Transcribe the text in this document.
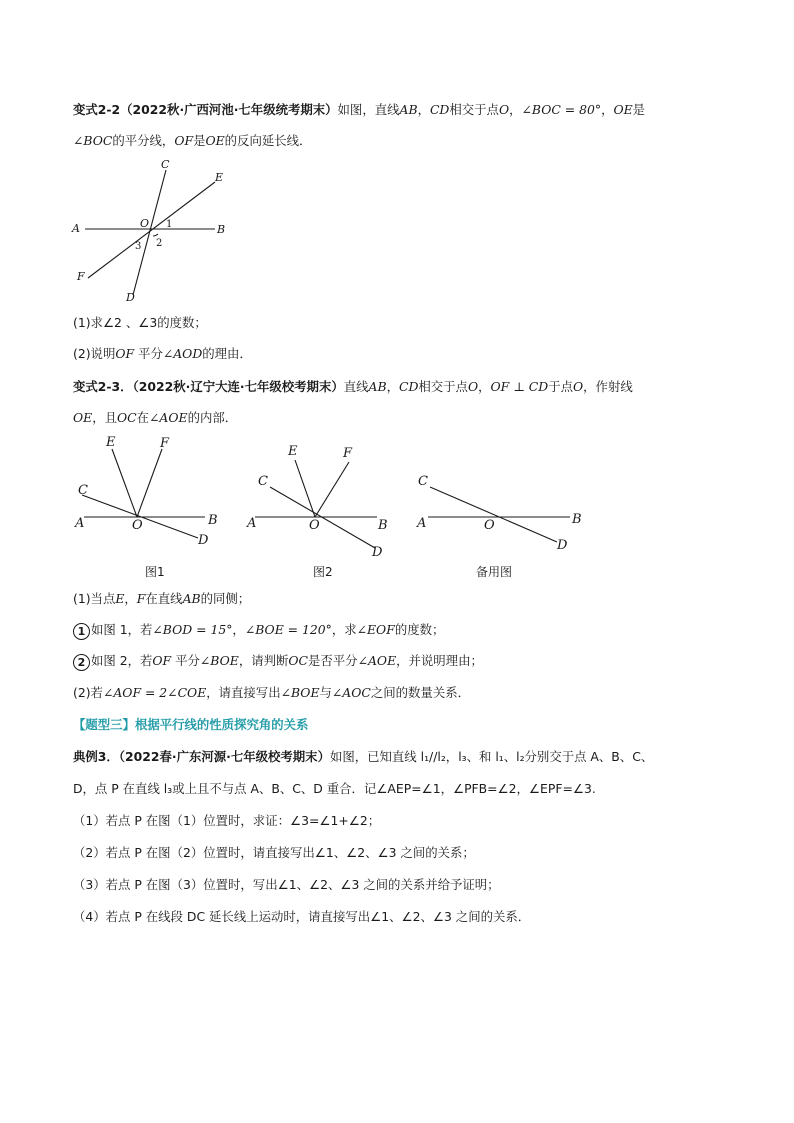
变式2-2（2022秋·广西河池·七年级统考期末）如图，直线AB，CD相交于点O，∠BOC = 80°，OE是
∠BOC的平分线，OF是OE的反向延长线．
C
E
A	B
O 1
2
3
F
D
(1)求∠2 、∠3的度数；
(2)说明OF 平分∠AOD的理由．
变式2-3．（2022秋·辽宁大连·七年级校考期末）直线AB，CD相交于点O，OF ⊥ CD于点O，作射线
OE，且OC在∠AOE的内部．
E	F
C
A	O	B
D
图1
E	F
C
A	O	B
D
图2
C
A	O	B
D
备用图
(1)当点E，F在直线AB的同侧；
1 如图 1，若∠BOD = 15°，∠BOE = 120°，求∠EOF的度数；
2 如图 2，若OF 平分∠BOE，请判断OC是否平分∠AOE，并说明理由；
(2)若∠AOF = 2∠COE，请直接写出∠BOE与∠AOC之间的数量关系．
【题型三】根据平行线的性质探究角的关系
典例3．（2022春·广东河源·七年级校考期末）如图，已知直线 l₁//l₂，l₃、和 l₁、l₂分别交于点 A、B、C、
D，点 P 在直线 l₃或上且不与点 A、B、C、D 重合．记∠AEP=∠1，∠PFB=∠2，∠EPF=∠3.
（1）若点 P 在图（1）位置时，求证：∠3=∠1+∠2；
（2）若点 P 在图（2）位置时，请直接写出∠1、∠2、∠3 之间的关系；
（3）若点 P 在图（3）位置时，写出∠1、∠2、∠3 之间的关系并给予证明；
（4）若点 P 在线段 DC 延长线上运动时，请直接写出∠1、∠2、∠3 之间的关系．
